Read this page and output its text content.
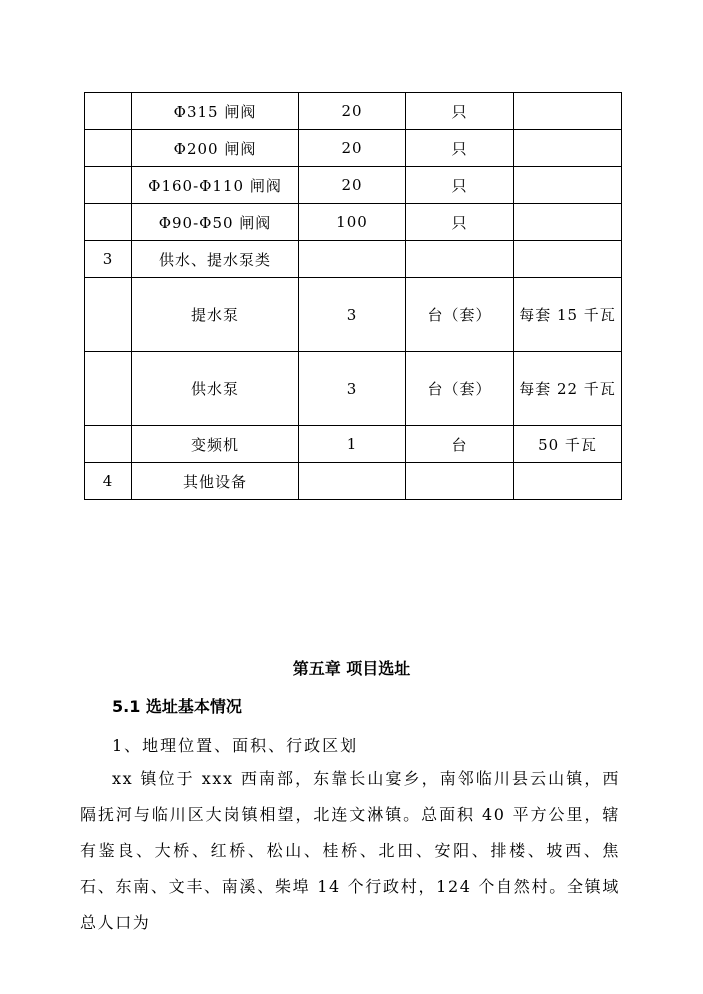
	Φ315 闸阀	20	只	
	Φ200 闸阀	20	只	
	Φ160-Φ110 闸阀	20	只	
	Φ90-Φ50 闸阀	100	只	
3	供水、提水泵类			
	提水泵	3	台（套）	每套 15 千瓦
	供水泵	3	台（套）	每套 22 千瓦
	变频机	1	台	50 千瓦
4	其他设备			
第五章 项目选址
5.1 选址基本情况
1、地理位置、面积、行政区划

xx 镇位于 xxx 西南部，东靠长山宴乡，南邻临川县云山镇，西隔抚河与临川区大岗镇相望，北连文淋镇。总面积 40 平方公里，辖有鉴良、大桥、红桥、松山、桂桥、北田、安阳、排楼、坡西、焦石、东南、文丰、南溪、柴埠 14 个行政村，124 个自然村。全镇域总人口为
